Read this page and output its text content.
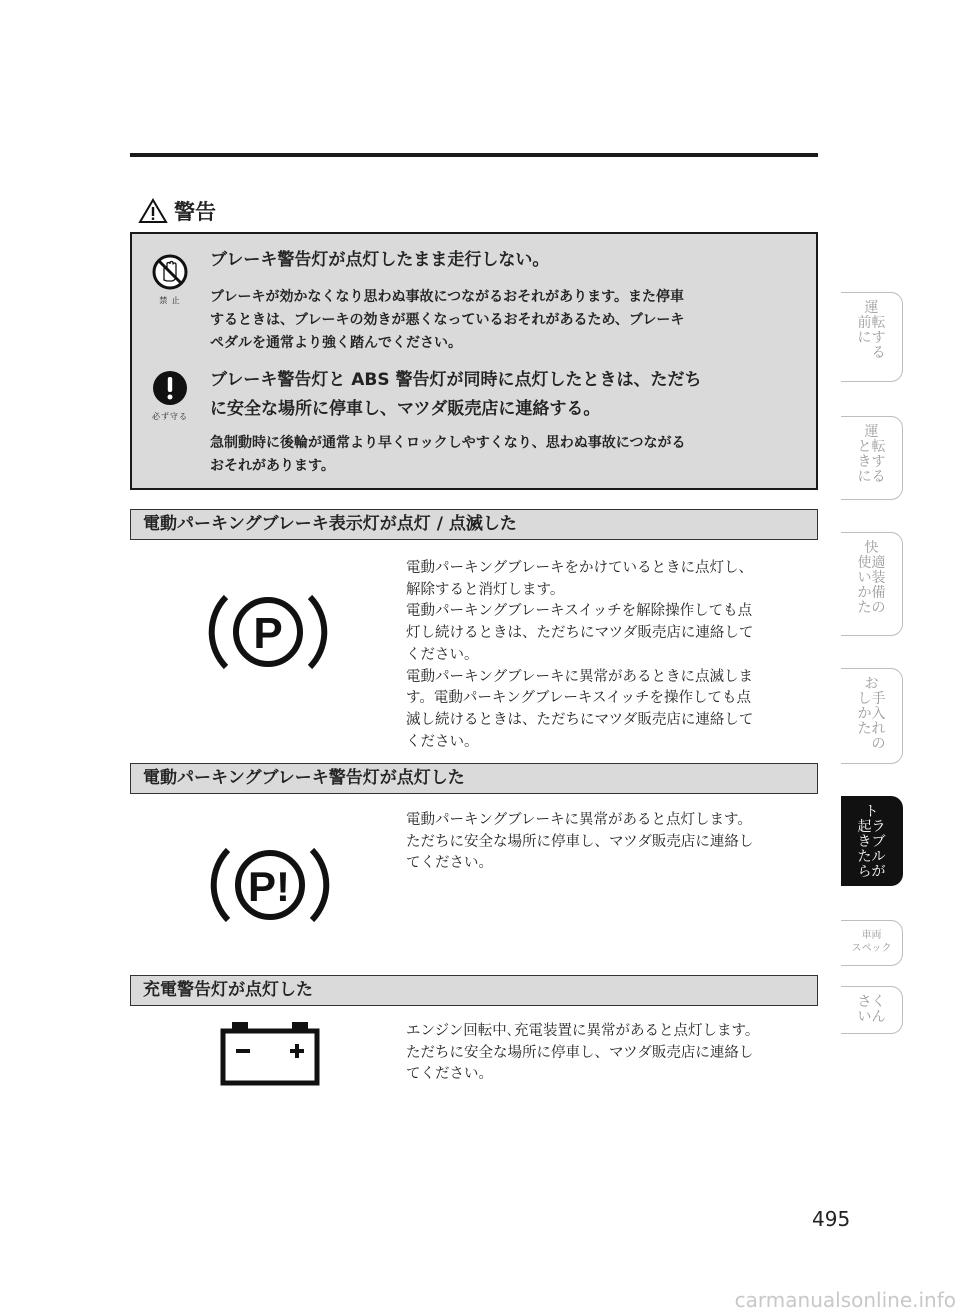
警告
禁 止
ブレーキ警告灯が点灯したまま走行しない。
ブレーキが効かなくなり思わぬ事故につながるおそれがあります。また停車
するときは、ブレーキの効きが悪くなっているおそれがあるため、ブレーキ
ペダルを通常より強く踏んでください。
必ず守る
ブレーキ警告灯と ABS 警告灯が同時に点灯したときは、ただち
に安全な場所に停車し、マツダ販売店に連絡する。
急制動時に後輪が通常より早くロックしやすくなり、思わぬ事故につながる
おそれがあります。
電動パーキングブレーキ表示灯が点灯 / 点滅した
P
電動パーキングブレーキをかけているときに点灯し、
解除すると消灯します。
電動パーキングブレーキスイッチを解除操作しても点
灯し続けるときは、ただちにマツダ販売店に連絡して
ください。
電動パーキングブレーキに異常があるときに点滅しま
す。電動パーキングブレーキスイッチを操作しても点
滅し続けるときは、ただちにマツダ販売店に連絡して
ください。
電動パーキングブレーキ警告灯が点灯した
P!
電動パーキングブレーキに異常があると点灯します。
ただちに安全な場所に停車し、マツダ販売店に連絡し
てください。
充電警告灯が点灯した
エンジン回転中､充電装置に異常があると点灯します。
ただちに安全な場所に停車し、マツダ販売店に連絡し
てください。
運
前転
にす
　る
運
と転
きす
にる
快
使適
い装
か備
たの
お
し手
か入
たれ
　の
ト
起ラ
きブ
たル
らが
車両
スペック
さく
いん
495
carmanualsonline.info
